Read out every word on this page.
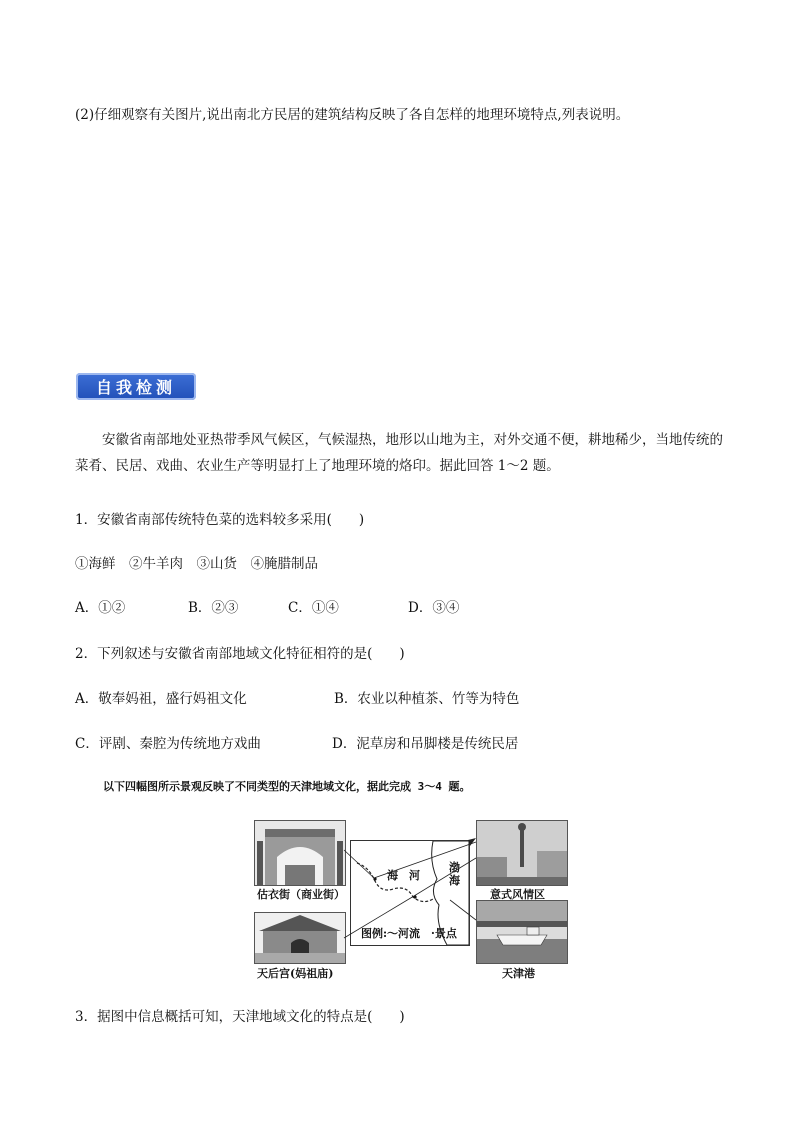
(2)仔细观察有关图片,说出南北方民居的建筑结构反映了各自怎样的地理环境特点,列表说明。
自我检测
安徽省南部地处亚热带季风气候区，气候湿热，地形以山地为主，对外交通不便，耕地稀少，当地传统的菜肴、民居、戏曲、农业生产等明显打上了地理环境的烙印。据此回答 1～2 题。
1．安徽省南部传统特色菜的选料较多采用(　　)
①海鲜　②牛羊肉　③山货　④腌腊制品
A．①②	B．②③	C．①④	D．③④
2．下列叙述与安徽省南部地域文化特征相符的是(　　)
A．敬奉妈祖，盛行妈祖文化	B．农业以种植茶、竹等为特色
C．评剧、秦腔为传统地方戏曲	D．泥草房和吊脚楼是传统民居
以下四幅图所示景观反映了不同类型的天津地域文化，据此完成 3～4 题。
估衣街（商业街）
天后宫(妈祖庙)
海　河
渤海
图例:〜河流　·景点
意式风情区
天津港
3．据图中信息概括可知，天津地域文化的特点是(　　)
